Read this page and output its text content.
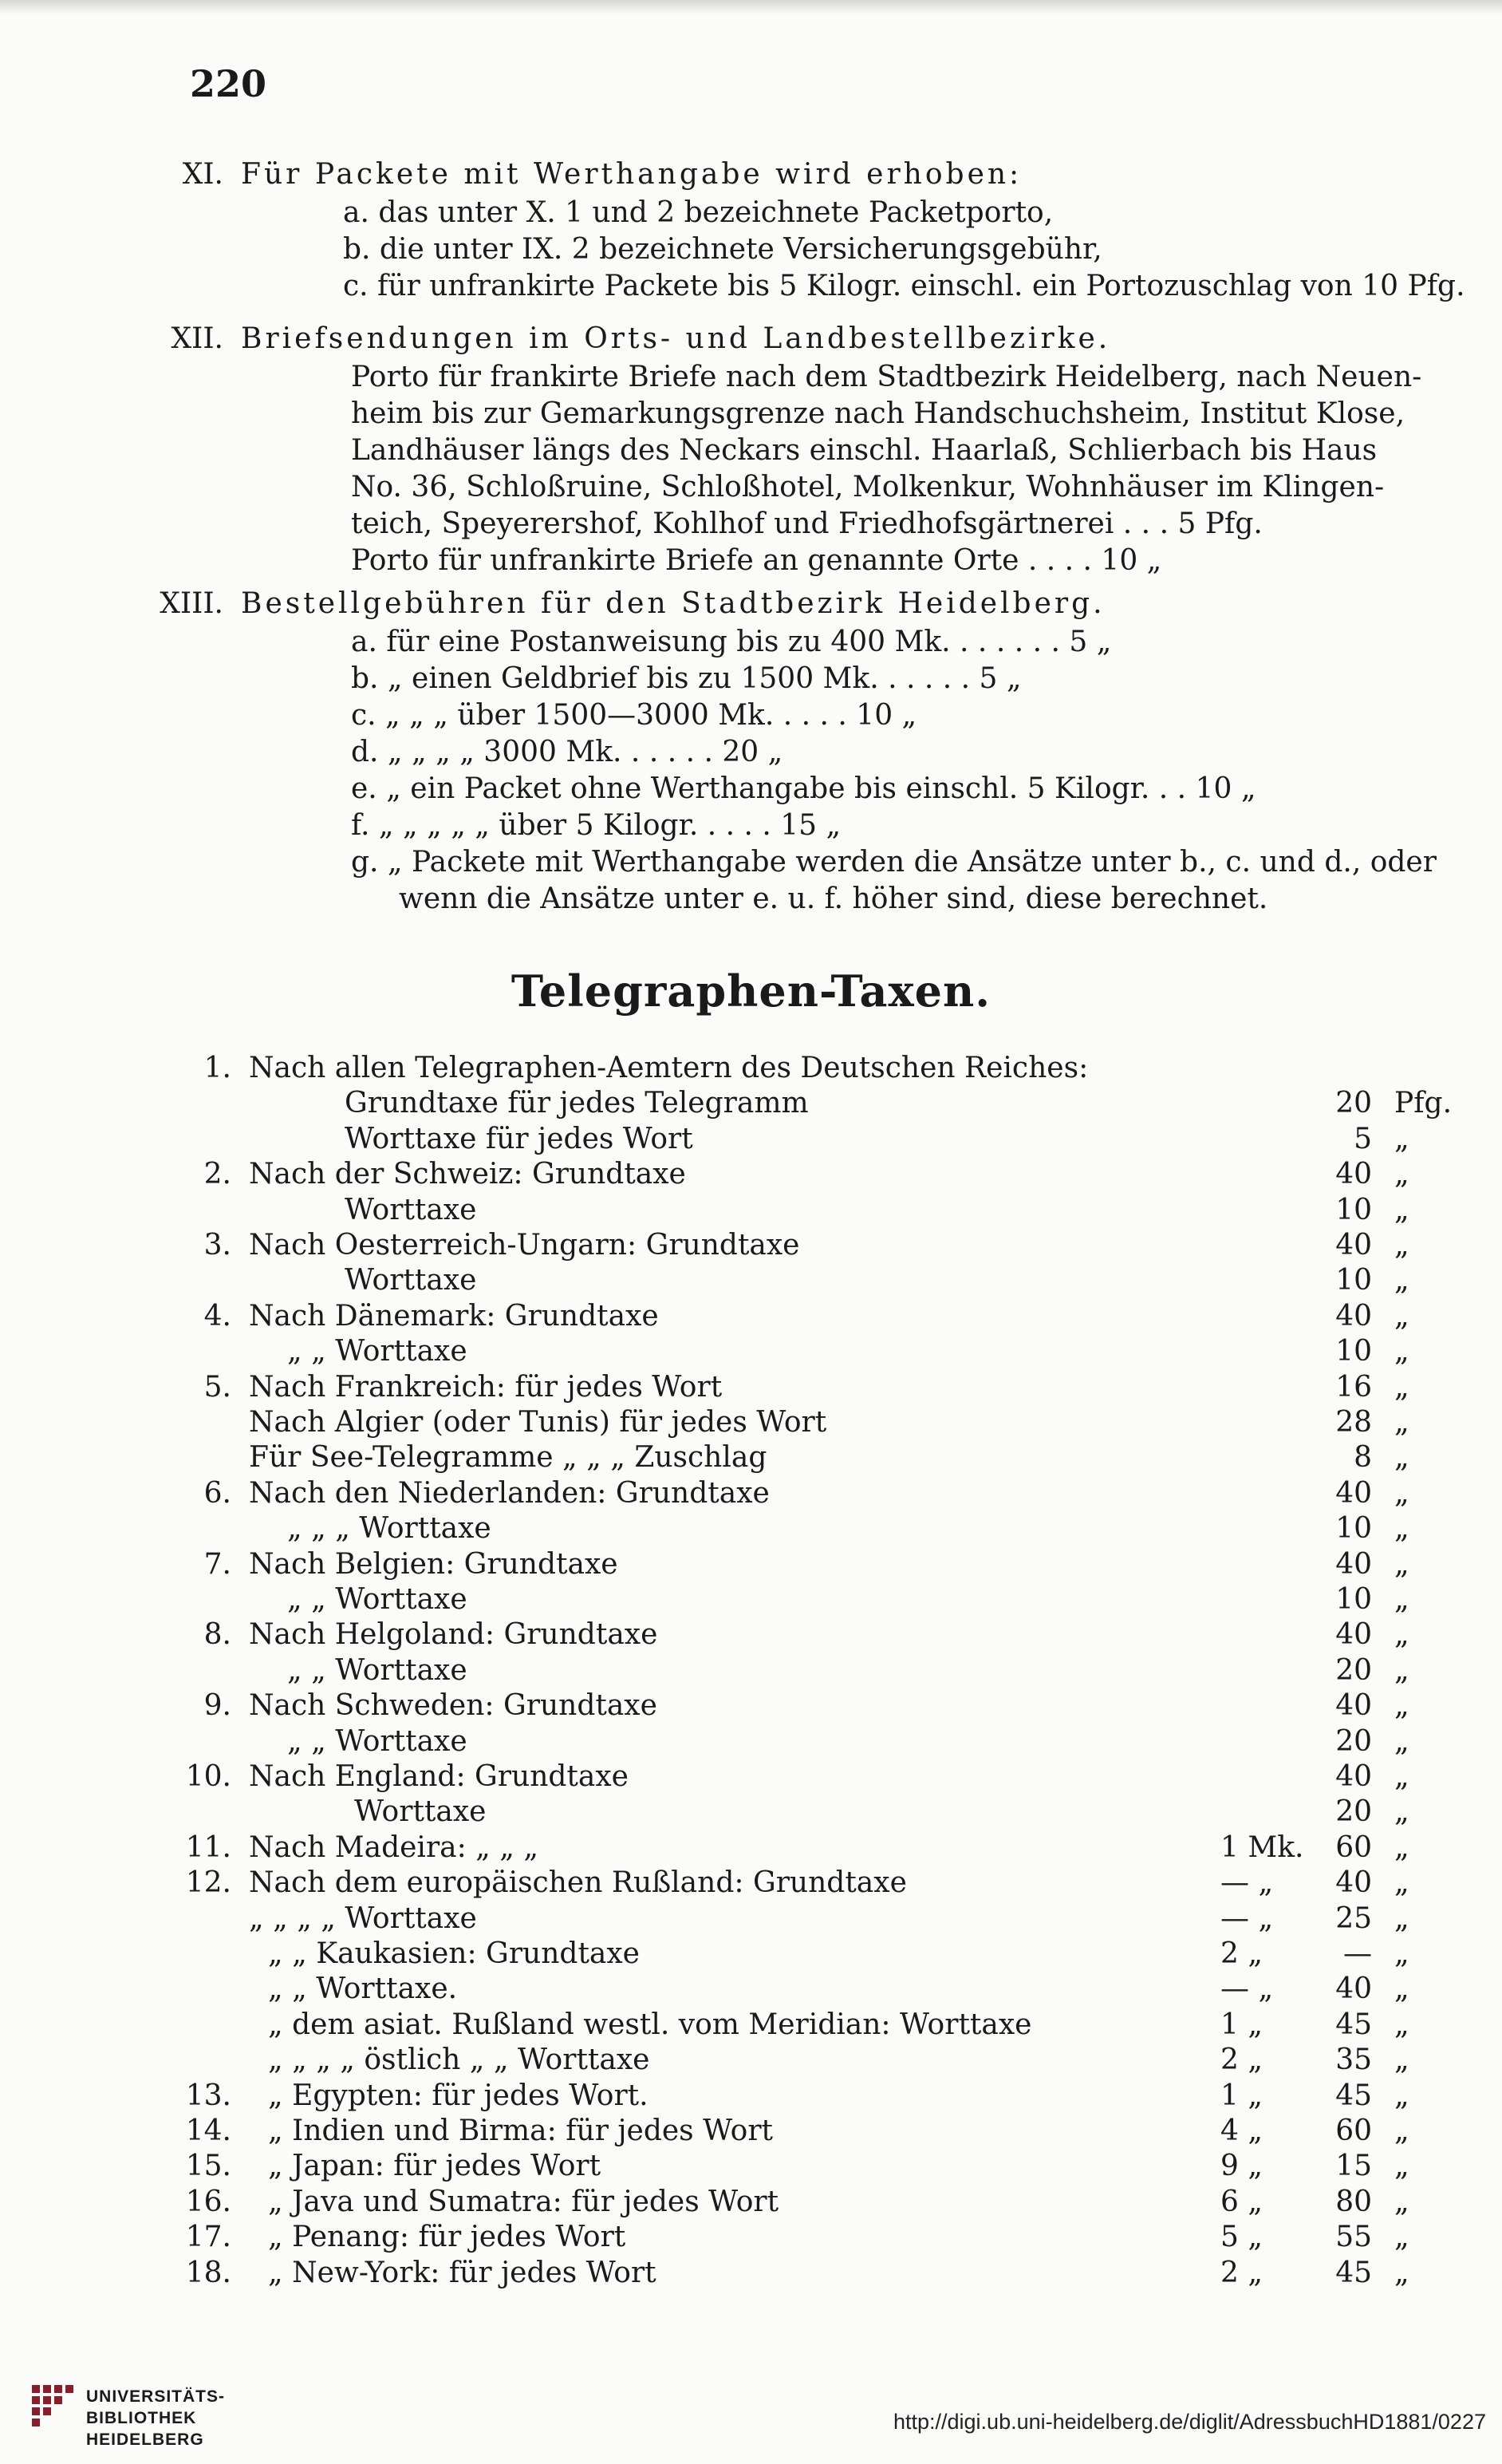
220
XI. Für Packete mit Werthangabe wird erhoben:
a. das unter X. 1 und 2 bezeichnete Packetporto,
b. die unter IX. 2 bezeichnete Versicherungsgebühr,
c. für unfrankirte Packete bis 5 Kilogr. einschl. ein Portozuschlag von 10 Pfg.
XII. Briefsendungen im Orts- und Landbestellbezirke.
Porto für frankirte Briefe nach dem Stadtbezirk Heidelberg, nach Neuen-
heim bis zur Gemarkungsgrenze nach Handschuchsheim, Institut Klose,
Landhäuser längs des Neckars einschl. Haarlaß, Schlierbach bis Haus
No. 36, Schloßruine, Schloßhotel, Molkenkur, Wohnhäuser im Klingen-
teich, Speyerershof, Kohlhof und Friedhofsgärtnerei . . . 5 Pfg.
Porto für unfrankirte Briefe an genannte Orte . . . . 10 „
XIII. Bestellgebühren für den Stadtbezirk Heidelberg.
a. für eine Postanweisung bis zu 400 Mk. . . . . . . 5 „
b. „ einen Geldbrief bis zu 1500 Mk. . . . . . 5 „
c. „ „ „ über 1500—3000 Mk. . . . . 10 „
d. „ „ „ „ 3000 Mk. . . . . . 20 „
e. „ ein Packet ohne Werthangabe bis einschl. 5 Kilogr. . . 10 „
f. „ „ „ „ „ über 5 Kilogr. . . . . 15 „
g. „ Packete mit Werthangabe werden die Ansätze unter b., c. und d., oder
wenn die Ansätze unter e. u. f. höher sind, diese berechnet.
Telegraphen-Taxen.
1. Nach allen Telegraphen-Aemtern des Deutschen Reiches:
Grundtaxe für jedes Telegramm	20 Pfg.
Worttaxe für jedes Wort	5 „
2. Nach der Schweiz: Grundtaxe	40 „
Worttaxe	10 „
3. Nach Oesterreich-Ungarn: Grundtaxe	40 „
Worttaxe	10 „
4. Nach Dänemark: Grundtaxe	40 „
„ „ Worttaxe	10 „
5. Nach Frankreich: für jedes Wort	16 „
Nach Algier (oder Tunis) für jedes Wort	28 „
Für See-Telegramme „ „ „ Zuschlag	8 „
6. Nach den Niederlanden: Grundtaxe	40 „
„ „ „ Worttaxe	10 „
7. Nach Belgien: Grundtaxe	40 „
„ „ Worttaxe	10 „
8. Nach Helgoland: Grundtaxe	40 „
„ „ Worttaxe	20 „
9. Nach Schweden: Grundtaxe	40 „
„ „ Worttaxe	20 „
10. Nach England: Grundtaxe	40 „
Worttaxe	20 „
11. Nach Madeira: „ „ „	1 Mk.	60 „
12. Nach dem europäischen Rußland: Grundtaxe	— „	40 „
„ „ „ „ Worttaxe	— „	25 „
„ „ Kaukasien: Grundtaxe	2 „	— „
„ „ Worttaxe.	— „	40 „
„ dem asiat. Rußland westl. vom Meridian: Worttaxe	1 „	45 „
„ „ „ „ östlich „ „ Worttaxe	2 „	35 „
13. „ Egypten: für jedes Wort.	1 „	45 „
14. „ Indien und Birma: für jedes Wort	4 „	60 „
15. „ Japan: für jedes Wort	9 „	15 „
16. „ Java und Sumatra: für jedes Wort	6 „	80 „
17. „ Penang: für jedes Wort	5 „	55 „
18. „ New-York: für jedes Wort	2 „	45 „
UNIVERSITÄTS-
BIBLIOTHEK
HEIDELBERG
http://digi.ub.uni-heidelberg.de/diglit/AdressbuchHD1881/0227
